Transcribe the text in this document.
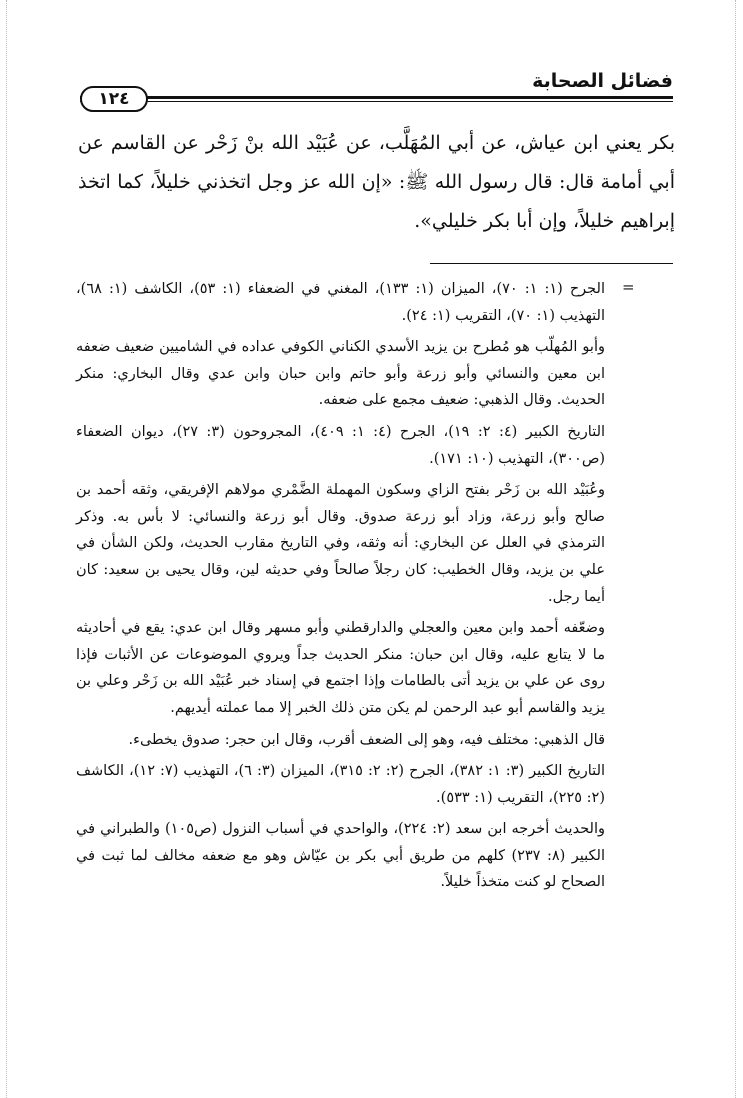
فضائل الصحابة
١٢٤

بكر يعني ابن عياش، عن أبي المُهَلَّب، عن عُبَيْد الله بنْ زَحْر عن القاسم عن أبي أمامة قال: قال رسول الله ﷺ: «إن الله عز وجل اتخذني خليلاً، كما اتخذ إبراهيم خليلاً، وإن أبا بكر خليلي».

=

الجرح (١: ١: ٧٠)، الميزان (١: ١٣٣)، المغني في الضعفاء (١: ٥٣)، الكاشف (١: ٦٨)، التهذيب (١: ٧٠)، التقريب (١: ٢٤).

وأبو المُهلّب هو مُطرح بن يزيد الأسدي الكناني الكوفي عداده في الشاميين ضعيف ضعفه ابن معين والنسائي وأبو زرعة وأبو حاتم وابن حبان وابن عدي وقال البخاري: منكر الحديث. وقال الذهبي: ضعيف مجمع على ضعفه.

التاريخ الكبير (٤: ٢: ١٩)، الجرح (٤: ١: ٤٠٩)، المجروحون (٣: ٢٧)، ديوان الضعفاء (ص٣٠٠)، التهذيب (١٠: ١٧١).

وعُبَيْد الله بن زَحْر بفتح الزاي وسكون المهملة الضَّمْري مولاهم الإفريقي، وثقه أحمد بن صالح وأبو زرعة، وزاد أبو زرعة صدوق. وقال أبو زرعة والنسائي: لا بأس به. وذكر الترمذي في العلل عن البخاري: أنه وثقه، وفي التاريخ مقارب الحديث، ولكن الشأن في علي بن يزيد، وقال الخطيب: كان رجلاً صالحاً وفي حديثه لين، وقال يحيى بن سعيد: كان أيما رجل.

وضعّفه أحمد وابن معين والعجلي والدارقطني وأبو مسهر وقال ابن عدي: يقع في أحاديثه ما لا يتابع عليه، وقال ابن حبان: منكر الحديث جداً ويروي الموضوعات عن الأثبات فإذا روى عن علي بن يزيد أتى بالطامات وإذا اجتمع في إسناد خبر عُبَيْد الله بن زَحْر وعلي بن يزيد والقاسم أبو عبد الرحمن لم يكن متن ذلك الخبر إلا مما عملته أيديهم.

قال الذهبي: مختلف فيه، وهو إلى الضعف أقرب، وقال ابن حجر: صدوق يخطىء.

التاريخ الكبير (٣: ١: ٣٨٢)، الجرح (٢: ٢: ٣١٥)، الميزان (٣: ٦)، التهذيب (٧: ١٢)، الكاشف (٢: ٢٢٥)، التقريب (١: ٥٣٣).

والحديث أخرجه ابن سعد (٢: ٢٢٤)، والواحدي في أسباب النزول (ص١٠٥) والطبراني في الكبير (٨: ٢٣٧) كلهم من طريق أبي بكر بن عيّاش وهو مع ضعفه مخالف لما ثبت في الصحاح لو كنت متخذاً خليلاً.
